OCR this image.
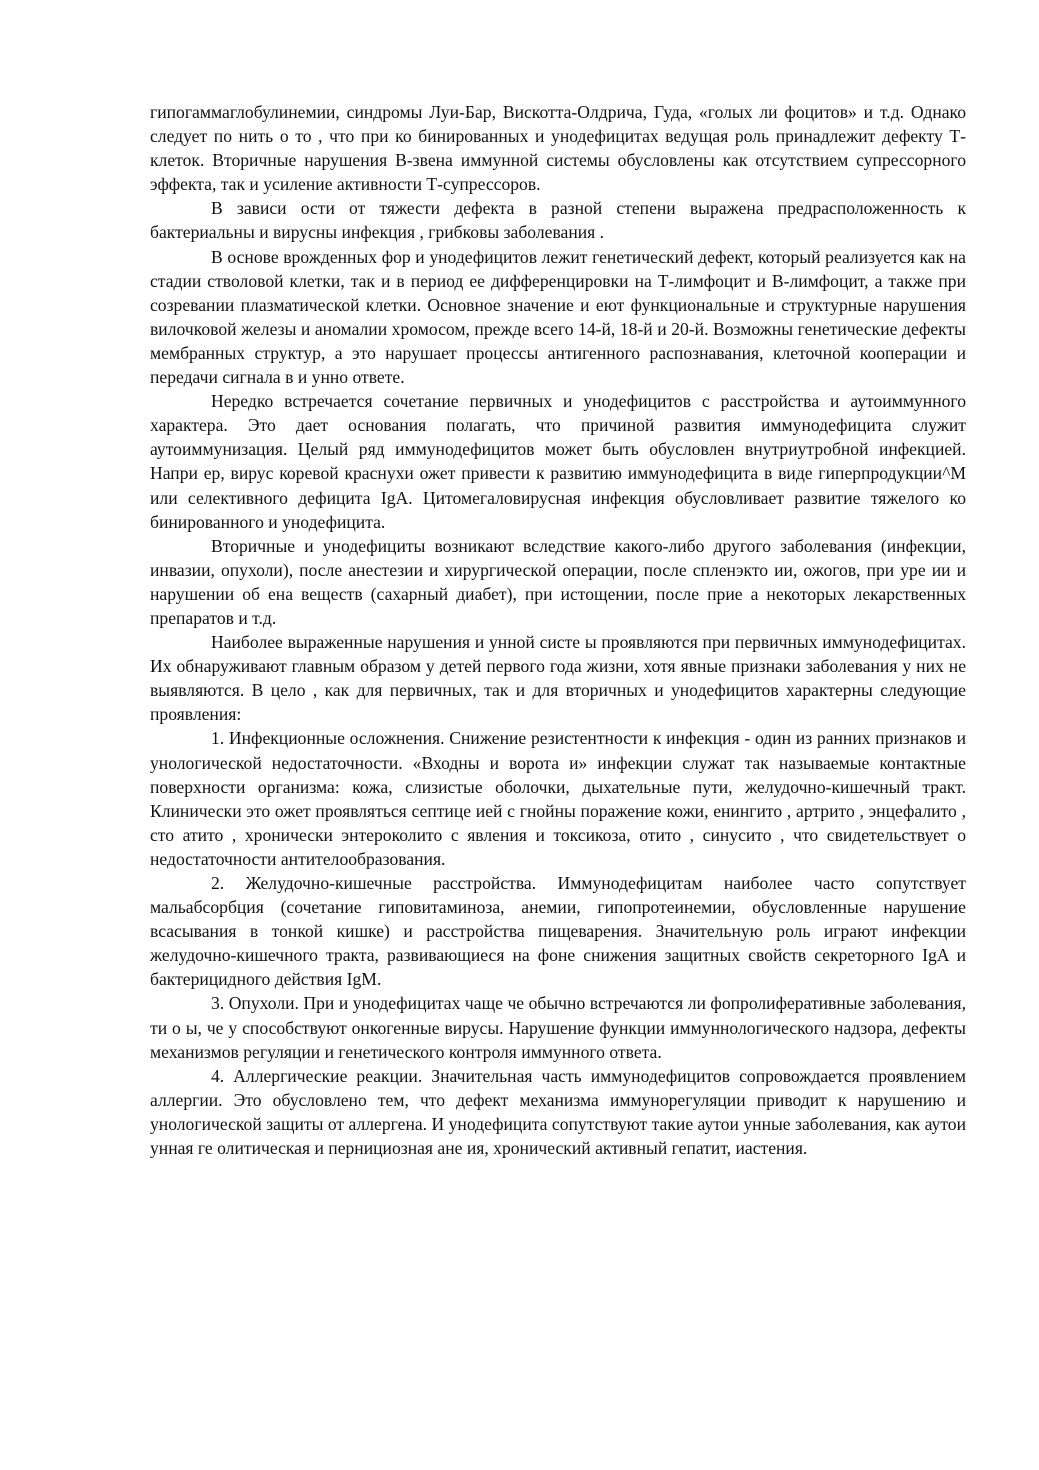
гипогаммаглобулинемии, синдромы Луи-Бар, Вискотта-Олдрича, Гуда, «голых ли фоцитов» и т.д. Однако следует по нить о то , что при ко бинированных и унодефицитах ведущая роль принадлежит дефекту Т-клеток. Вторичные нарушения В-звена иммунной системы обусловлены как отсутствием супрессорного эффекта, так и усиление активности Т-супрессоров.

В зависи ости от тяжести дефекта в разной степени выражена предрасположенность к бактериальны и вирусны инфекция , грибковы заболевания .

В основе врожденных фор и унодефицитов лежит генетический дефект, который реализуется как на стадии стволовой клетки, так и в период ее дифференцировки на Т-лимфоцит и В-лимфоцит, а также при созревании плазматической клетки. Основное значение и еют функциональные и структурные нарушения вилочковой железы и аномалии хромосом, прежде всего 14-й, 18-й и 20-й. Возможны генетические дефекты мембранных структур, а это нарушает процессы антигенного распознавания, клеточной кооперации и передачи сигнала в и унно ответе.

Нередко встречается сочетание первичных и унодефицитов с расстройства и аутоиммунного характера. Это дает основания полагать, что причиной развития иммунодефицита служит аутоиммунизация. Целый ряд иммунодефицитов может быть обусловлен внутриутробной инфекцией. Напри ер, вирус коревой краснухи ожет привести к развитию иммунодефицита в виде гиперпродукции^М или селективного дефицита IgA. Цитомегаловирусная инфекция обусловливает развитие тяжелого ко бинированного и унодефицита.

Вторичные и унодефициты возникают вследствие какого-либо другого заболевания (инфекции, инвазии, опухоли), после анестезии и хирургической операции, после спленэкто ии, ожогов, при уре ии и нарушении об ена веществ (сахарный диабет), при истощении, после прие а некоторых лекарственных препаратов и т.д.

Наиболее выраженные нарушения и унной систе ы проявляются при первичных иммунодефицитах. Их обнаруживают главным образом у детей первого года жизни, хотя явные признаки заболевания у них не выявляются. В цело , как для первичных, так и для вторичных и унодефицитов характерны следующие проявления:

1. Инфекционные осложнения. Снижение резистентности к инфекция - один из ранних признаков и унологической недостаточности. «Входны и ворота и» инфекции служат так называемые контактные поверхности организма: кожа, слизистые оболочки, дыхательные пути, желудочно-кишечный тракт. Клинически это ожет проявляться септице ией с гнойны поражение кожи, енингито , артрито , энцефалито , сто атито , хронически энтероколито с явления и токсикоза, отито , синусито , что свидетельствует о недостаточности антителообразования.

2. Желудочно-кишечные расстройства. Иммунодефицитам наиболее часто сопутствует мальабсорбция (сочетание гиповитаминоза, анемии, гипопротеинемии, обусловленные нарушение всасывания в тонкой кишке) и расстройства пищеварения. Значительную роль играют инфекции желудочно-кишечного тракта, развивающиеся на фоне снижения защитных свойств секреторного IgA и бактерицидного действия IgM.

3. Опухоли. При и унодефицитах чаще че обычно встречаются ли фопролиферативные заболевания, ти о ы, че у способствуют онкогенные вирусы. Нарушение функции иммуннологического надзора, дефекты механизмов регуляции и генетического контроля иммунного ответа.

4. Аллергические реакции. Значительная часть иммунодефицитов сопровождается проявлением аллергии. Это обусловлено тем, что дефект механизма иммунорегуляции приводит к нарушению и унологической защиты от аллергена. И унодефицита сопутствуют такие аутои унные заболевания, как аутои унная ге олитическая и пернициозная ане ия, хронический активный гепатит, иастения.
